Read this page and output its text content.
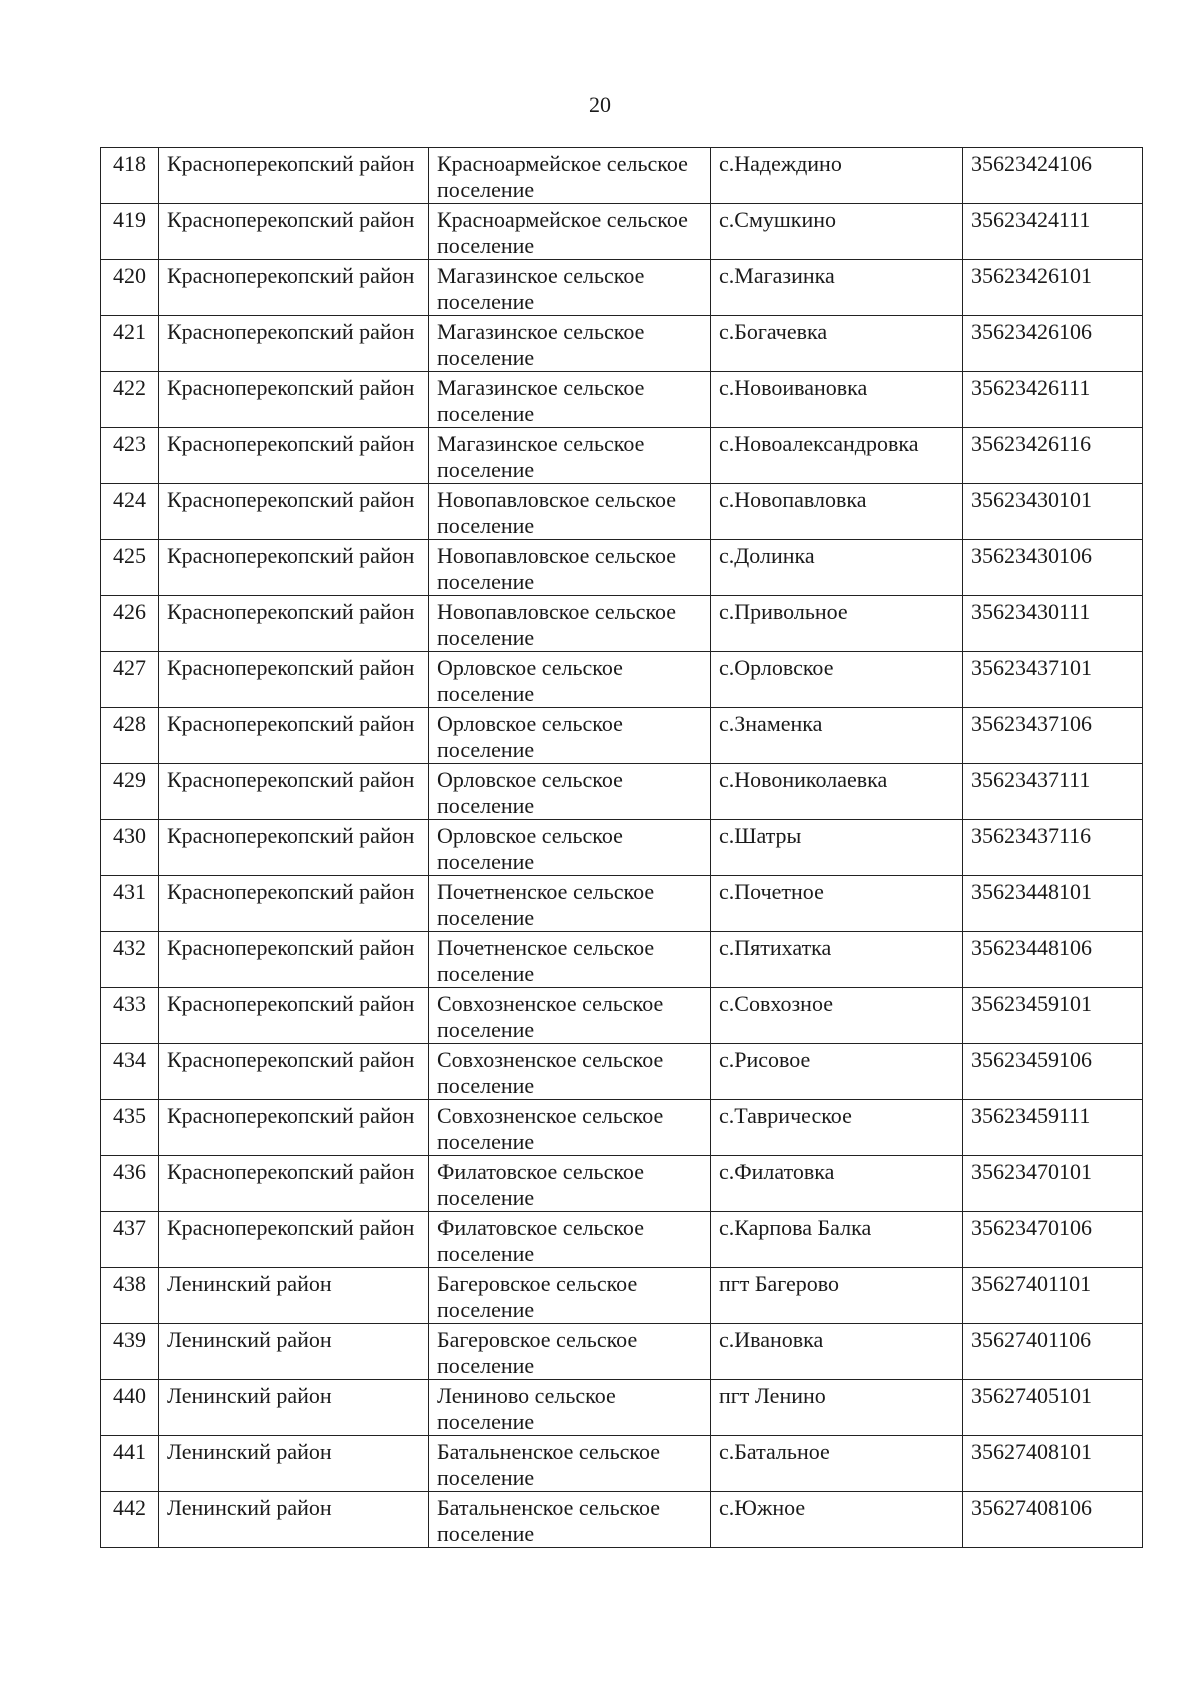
20
418	Красноперекопский район	Красноармейское сельское поселение	с.Надеждино	35623424106
419	Красноперекопский район	Красноармейское сельское поселение	с.Смушкино	35623424111
420	Красноперекопский район	Магазинское сельское поселение	с.Магазинка	35623426101
421	Красноперекопский район	Магазинское сельское поселение	с.Богачевка	35623426106
422	Красноперекопский район	Магазинское сельское поселение	с.Новоивановка	35623426111
423	Красноперекопский район	Магазинское сельское поселение	с.Новоалександровка	35623426116
424	Красноперекопский район	Новопавловское сельское поселение	с.Новопавловка	35623430101
425	Красноперекопский район	Новопавловское сельское поселение	с.Долинка	35623430106
426	Красноперекопский район	Новопавловское сельское поселение	с.Привольное	35623430111
427	Красноперекопский район	Орловское сельское поселение	с.Орловское	35623437101
428	Красноперекопский район	Орловское сельское поселение	с.Знаменка	35623437106
429	Красноперекопский район	Орловское сельское поселение	с.Новониколаевка	35623437111
430	Красноперекопский район	Орловское сельское поселение	с.Шатры	35623437116
431	Красноперекопский район	Почетненское сельское поселение	с.Почетное	35623448101
432	Красноперекопский район	Почетненское сельское поселение	с.Пятихатка	35623448106
433	Красноперекопский район	Совхозненское сельское поселение	с.Совхозное	35623459101
434	Красноперекопский район	Совхозненское сельское поселение	с.Рисовое	35623459106
435	Красноперекопский район	Совхозненское сельское поселение	с.Таврическое	35623459111
436	Красноперекопский район	Филатовское сельское поселение	с.Филатовка	35623470101
437	Красноперекопский район	Филатовское сельское поселение	с.Карпова Балка	35623470106
438	Ленинский район	Багеровское сельское поселение	пгт Багерово	35627401101
439	Ленинский район	Багеровское сельское поселение	с.Ивановка	35627401106
440	Ленинский район	Лениново сельское поселение	пгт Ленино	35627405101
441	Ленинский район	Батальненское сельское поселение	с.Батальное	35627408101
442	Ленинский район	Батальненское сельское поселение	с.Южное	35627408106
